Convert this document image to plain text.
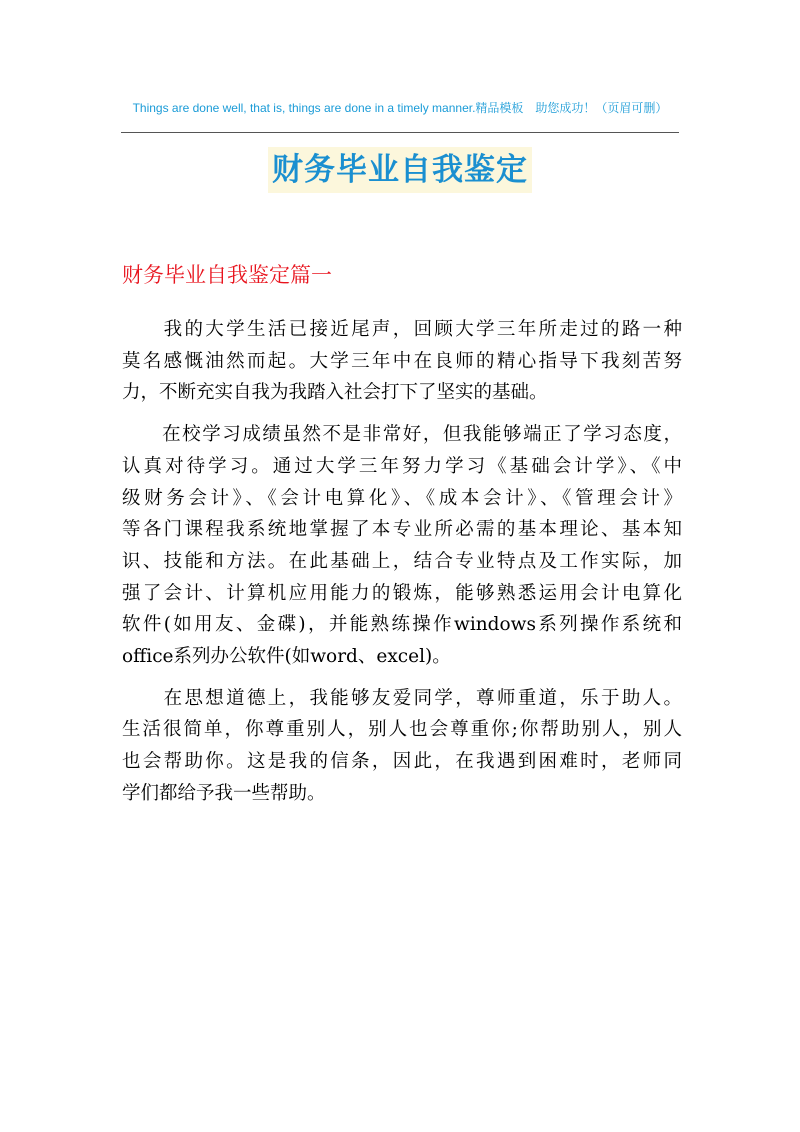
Things are done well, that is, things are done in a timely manner.精品模板　助您成功！（页眉可删）
财务毕业自我鉴定
财务毕业自我鉴定篇一

　　我的大学生活已接近尾声，回顾大学三年所走过的路一种
莫名感慨油然而起。大学三年中在良师的精心指导下我刻苦努
力，不断充实自我为我踏入社会打下了坚实的基础。

　　在校学习成绩虽然不是非常好，但我能够端正了学习态度，
认真对待学习。通过大学三年努力学习《基础会计学》、《中
级财务会计》、《会计电算化》、《成本会计》、《管理会计》
等各门课程我系统地掌握了本专业所必需的基本理论、基本知
识、技能和方法。在此基础上，结合专业特点及工作实际，加
强了会计、计算机应用能力的锻炼，能够熟悉运用会计电算化
软件(如用友、金碟)，并能熟练操作windows系列操作系统和
office系列办公软件(如word、excel)。

　　在思想道德上，我能够友爱同学，尊师重道，乐于助人。
生活很简单，你尊重别人，别人也会尊重你;你帮助别人，别人
也会帮助你。这是我的信条，因此，在我遇到困难时，老师同
学们都给予我一些帮助。
